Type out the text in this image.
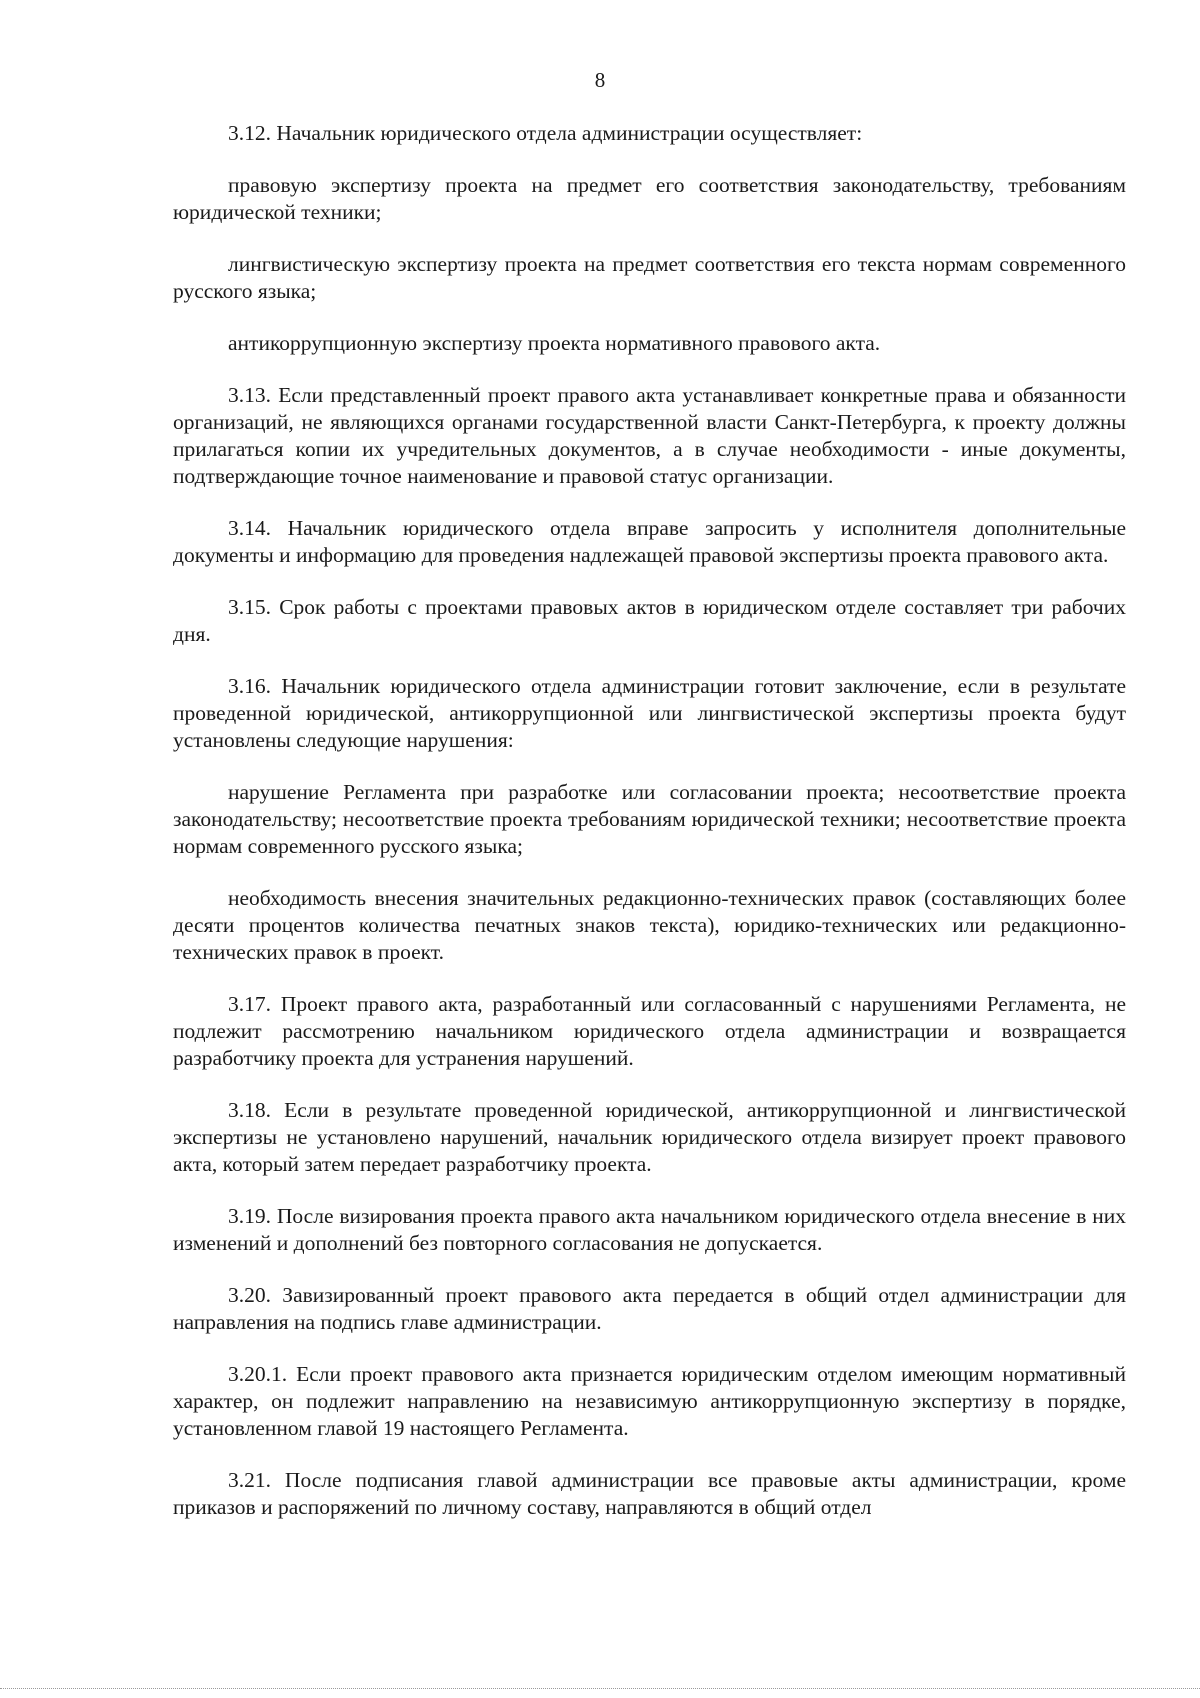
8

3.12. Начальник юридического отдела администрации осуществляет:

правовую экспертизу проекта на предмет его соответствия законодательству, требованиям юридической техники;

лингвистическую экспертизу проекта на предмет соответствия его текста нормам современного русского языка;

антикоррупционную экспертизу проекта нормативного правового акта.

3.13. Если представленный проект правого акта устанавливает конкретные права и обязанности организаций, не являющихся органами государственной власти Санкт-Петербурга, к проекту должны прилагаться копии их учредительных документов, а в случае необходимости - иные документы, подтверждающие точное наименование и правовой статус организации.

3.14. Начальник юридического отдела вправе запросить у исполнителя дополнительные документы и информацию для проведения надлежащей правовой экспертизы проекта правового акта.

3.15. Срок работы с проектами правовых актов в юридическом отделе составляет три рабочих дня.

3.16. Начальник юридического отдела администрации готовит заключение, если в результате проведенной юридической, антикоррупционной или лингвистической экспертизы проекта будут установлены следующие нарушения:

нарушение Регламента при разработке или согласовании проекта; несоответствие проекта законодательству; несоответствие проекта требованиям юридической техники; несоответствие проекта нормам современного русского языка;

необходимость внесения значительных редакционно-технических правок (составляющих более десяти процентов количества печатных знаков текста), юридико-технических или редакционно-технических правок в проект.

3.17. Проект правого акта, разработанный или согласованный с нарушениями Регламента, не подлежит рассмотрению начальником юридического отдела администрации и возвращается разработчику проекта для устранения нарушений.

3.18. Если в результате проведенной юридической, антикоррупционной и лингвистической экспертизы не установлено нарушений, начальник юридического отдела визирует проект правового акта, который затем передает разработчику проекта.

3.19. После визирования проекта правого акта начальником юридического отдела внесение в них изменений и дополнений без повторного согласования не допускается.

3.20. Завизированный проект правового акта передается в общий отдел администрации для направления на подпись главе администрации.

3.20.1. Если проект правового акта признается юридическим отделом имеющим нормативный характер, он подлежит направлению на независимую антикоррупционную экспертизу в порядке, установленном главой 19 настоящего Регламента.

3.21. После подписания главой администрации все правовые акты администрации, кроме приказов и распоряжений по личному составу, направляются в общий отдел
